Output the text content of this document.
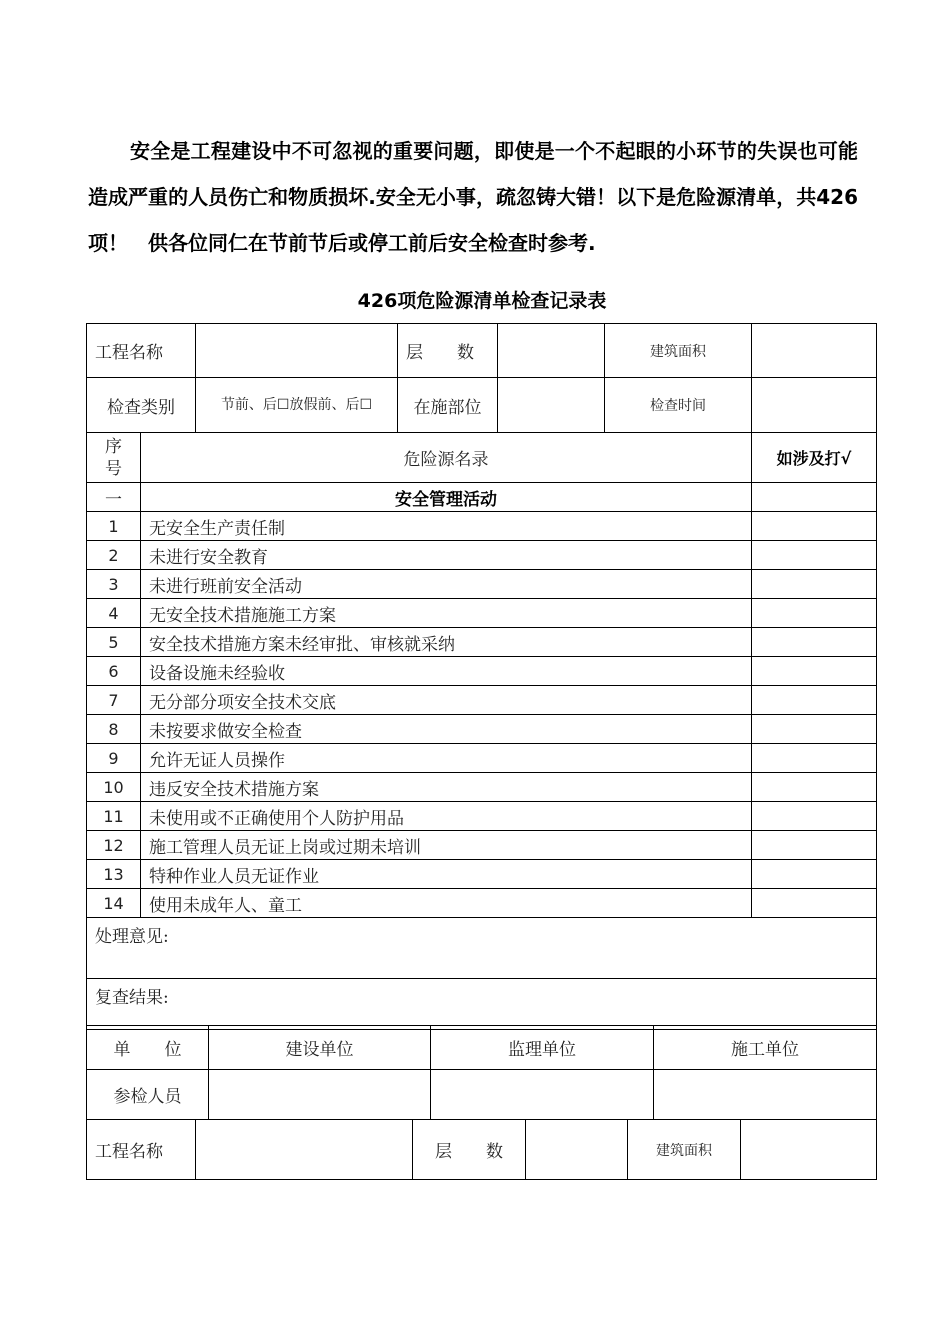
安全是工程建设中不可忽视的重要问题，即使是一个不起眼的小环节的失误也可能造成严重的人员伤亡和物质损坏.安全无小事，疏忽铸大错！以下是危险源清单，共426项！　供各位同仁在节前节后或停工前后安全检查时参考.

426项危险源清单检查记录表
工程名称		层　　数		建筑面积	
检查类别	节前、后☐放假前、后☐	在施部位		检查时间	
序号	危险源名录	如涉及打√
一	安全管理活动	
1	无安全生产责任制	
2	未进行安全教育	
3	未进行班前安全活动	
4	无安全技术措施施工方案	
5	安全技术措施方案未经审批、审核就采纳	
6	设备设施未经验收	
7	无分部分项安全技术交底	
8	未按要求做安全检查	
9	允许无证人员操作	
10	违反安全技术措施方案	
11	未使用或不正确使用个人防护用品	
12	施工管理人员无证上岗或过期未培训	
13	特种作业人员无证作业	
14	使用未成年人、童工	
处理意见:		
复查结果:		
单　　位	建设单位	监理单位	施工单位
参检人员			
工程名称		层　　数		建筑面积	
